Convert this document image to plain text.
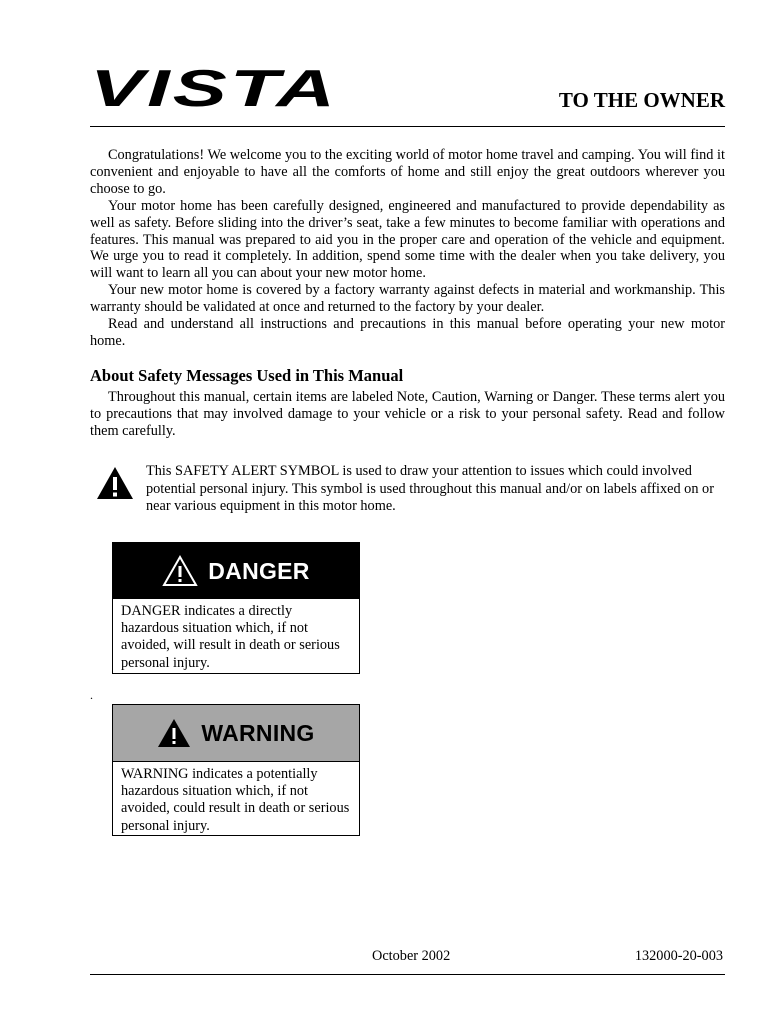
VISTA	TO THE OWNER

Congratulations! We welcome you to the exciting world of motor home travel and camping. You will find it convenient and enjoyable to have all the comforts of home and still enjoy the great outdoors wherever you choose to go.

Your motor home has been carefully designed, engineered and manufactured to provide dependability as well as safety. Before sliding into the driver’s seat, take a few minutes to become familiar with operations and features. This manual was prepared to aid you in the proper care and operation of the vehicle and equipment. We urge you to read it completely. In addition, spend some time with the dealer when you take delivery, you will want to learn all you can about your new motor home.

Your new motor home is covered by a factory warranty against defects in material and workmanship. This warranty should be validated at once and returned to the factory by your dealer.

Read and understand all instructions and precautions in this manual before operating your new motor home.

About Safety Messages Used in This Manual

Throughout this manual, certain items are labeled Note, Caution, Warning or Danger. These terms alert you to precautions that may involved damage to your vehicle or a risk to your personal safety. Read and follow them carefully.

This SAFETY ALERT SYMBOL is used to draw your attention to issues which could involved potential personal injury. This symbol is used throughout this manual and/or on labels affixed on or near various equipment in this motor home.

DANGER
DANGER indicates a directly hazardous situation which, if not avoided, will result in death or serious personal injury.
.
WARNING
WARNING indicates a potentially hazardous situation which, if not avoided, could result in death or serious personal injury.
October 2002	132000-20-003
